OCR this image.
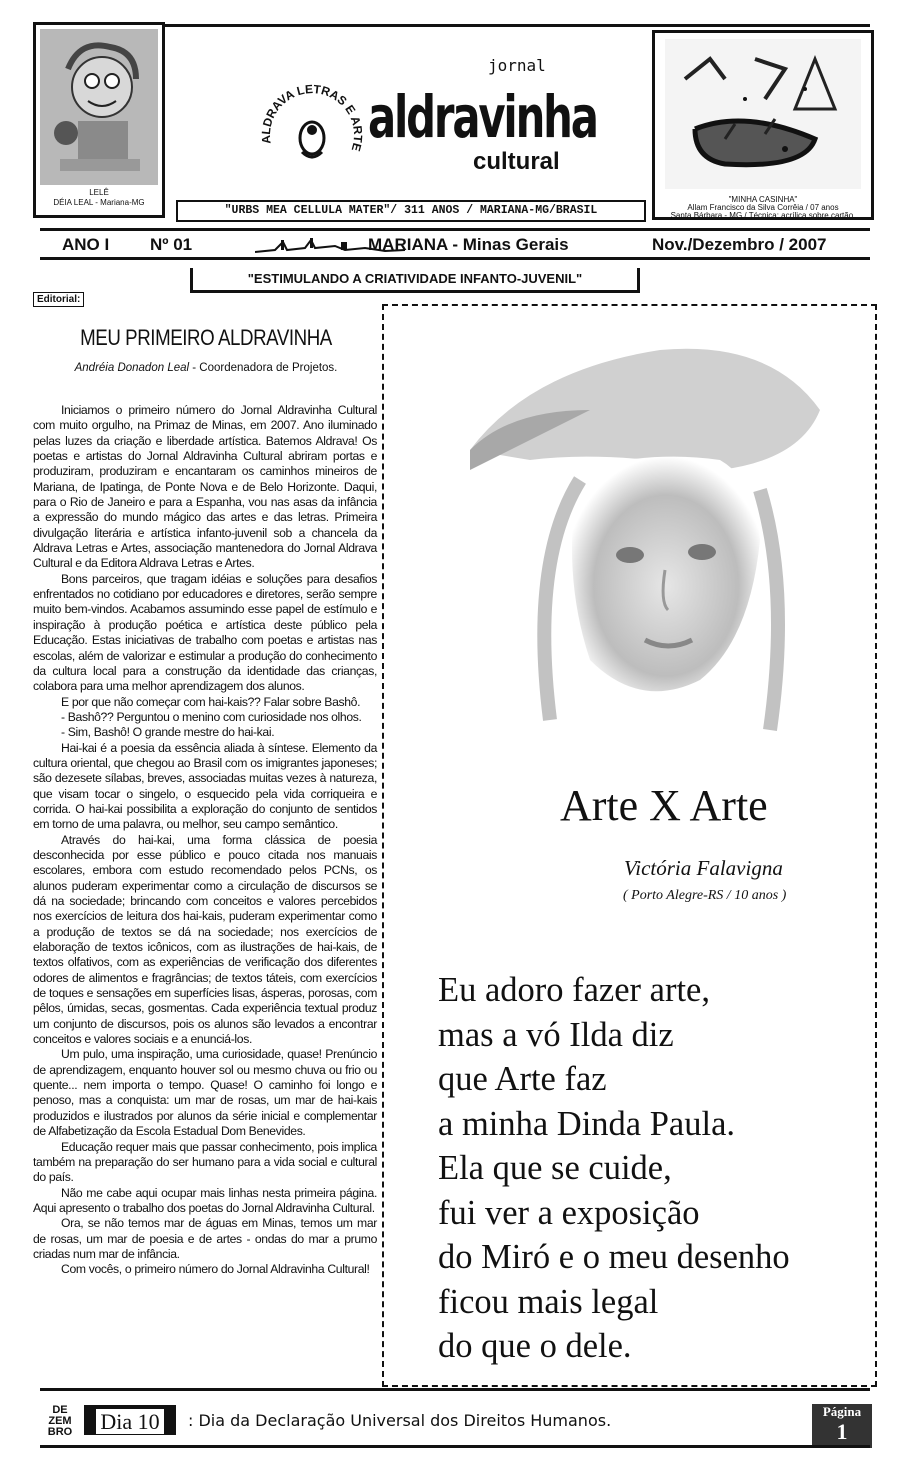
LELÊ
DÉIA LEAL - Mariana-MG
ALDRAVA LETRAS E ARTE
jornal
aldravinha
cultural
"MINHA CASINHA"
Allam Francisco da Silva Corrêia / 07 anos
Santa Bárbara - MG / Técnica: acrílica sobre cartão.
"URBS MEA CELLULA MATER"/ 311 ANOS / MARIANA-MG/BRASIL
ANO I Nº 01	MARIANA - Minas Gerais	Nov./Dezembro / 2007
"ESTIMULANDO A CRIATIVIDADE INFANTO-JUVENIL"
Editorial:
MEU PRIMEIRO ALDRAVINHA
Andréia Donadon Leal - Coordenadora de Projetos.

Iniciamos o primeiro número do Jornal Aldravinha Cultural com muito orgulho, na Primaz de Minas, em 2007. Ano iluminado pelas luzes da criação e liberdade artística. Batemos Aldrava! Os poetas e artistas do Jornal Aldravinha Cultural abriram portas e produziram, produziram e encantaram os caminhos mineiros de Mariana, de Ipatinga, de Ponte Nova e de Belo Horizonte. Daqui, para o Rio de Janeiro e para a Espanha, vou nas asas da infância a expressão do mundo mágico das artes e das letras. Primeira divulgação literária e artística infanto-juvenil sob a chancela da Aldrava Letras e Artes, associação mantenedora do Jornal Aldrava Cultural e da Editora Aldrava Letras e Artes.

Bons parceiros, que tragam idéias e soluções para desafios enfrentados no cotidiano por educadores e diretores, serão sempre muito bem-vindos. Acabamos assumindo esse papel de estímulo e inspiração à produção poética e artística deste público pela Educação. Estas iniciativas de trabalho com poetas e artistas nas escolas, além de valorizar e estimular a produção do conhecimento da cultura local para a construção da identidade das crianças, colabora para uma melhor aprendizagem dos alunos.

E por que não começar com hai-kais?? Falar sobre Bashô.

- Bashô?? Perguntou o menino com curiosidade nos olhos.

- Sim, Bashô! O grande mestre do hai-kai.

Hai-kai é a poesia da essência aliada à síntese. Elemento da cultura oriental, que chegou ao Brasil com os imigrantes japoneses; são dezesete sílabas, breves, associadas muitas vezes à natureza, que visam tocar o singelo, o esquecido pela vida corriqueira e corrida. O hai-kai possibilita a exploração do conjunto de sentidos em torno de uma palavra, ou melhor, seu campo semântico.

Através do hai-kai, uma forma clássica de poesia desconhecida por esse público e pouco citada nos manuais escolares, embora com estudo recomendado pelos PCNs, os alunos puderam experimentar como a circulação de discursos se dá na sociedade; brincando com conceitos e valores percebidos nos exercícios de leitura dos hai-kais, puderam experimentar como a produção de textos se dá na sociedade; nos exercícios de elaboração de textos icônicos, com as ilustrações de hai-kais, de textos olfativos, com as experiências de verificação dos diferentes odores de alimentos e fragrâncias; de textos táteis, com exercícios de toques e sensações em superfícies lisas, ásperas, porosas, com pêlos, úmidas, secas, gosmentas. Cada experiência textual produz um conjunto de discursos, pois os alunos são levados a encontrar conceitos e valores sociais e a enunciá-los.

Um pulo, uma inspiração, uma curiosidade, quase! Prenúncio de aprendizagem, enquanto houver sol ou mesmo chuva ou frio ou quente... nem importa o tempo. Quase! O caminho foi longo e penoso, mas a conquista: um mar de rosas, um mar de hai-kais produzidos e ilustrados por alunos da série inicial e complementar de Alfabetização da Escola Estadual Dom Benevides.

Educação requer mais que passar conhecimento, pois implica também na preparação do ser humano para a vida social e cultural do país.

Não me cabe aqui ocupar mais linhas nesta primeira página. Aqui apresento o trabalho dos poetas do Jornal Aldravinha Cultural.

Ora, se não temos mar de águas em Minas, temos um mar de rosas, um mar de poesia e de artes - ondas do mar a prumo criadas num mar de infância.

Com vocês, o primeiro número do Jornal Aldravinha Cultural!

Arte X Arte
Victória Falavigna
( Porto Alegre-RS / 10 anos )
Eu adoro fazer arte,
mas a vó Ilda diz
que Arte faz
a minha Dinda Paula.
Ela que se cuide,
fui ver a exposição
do Miró e o meu desenho
ficou mais legal
do que o dele.
DE
ZEM
BRO	Dia 10	: Dia da Declaração Universal dos Direitos Humanos.	Página
1
